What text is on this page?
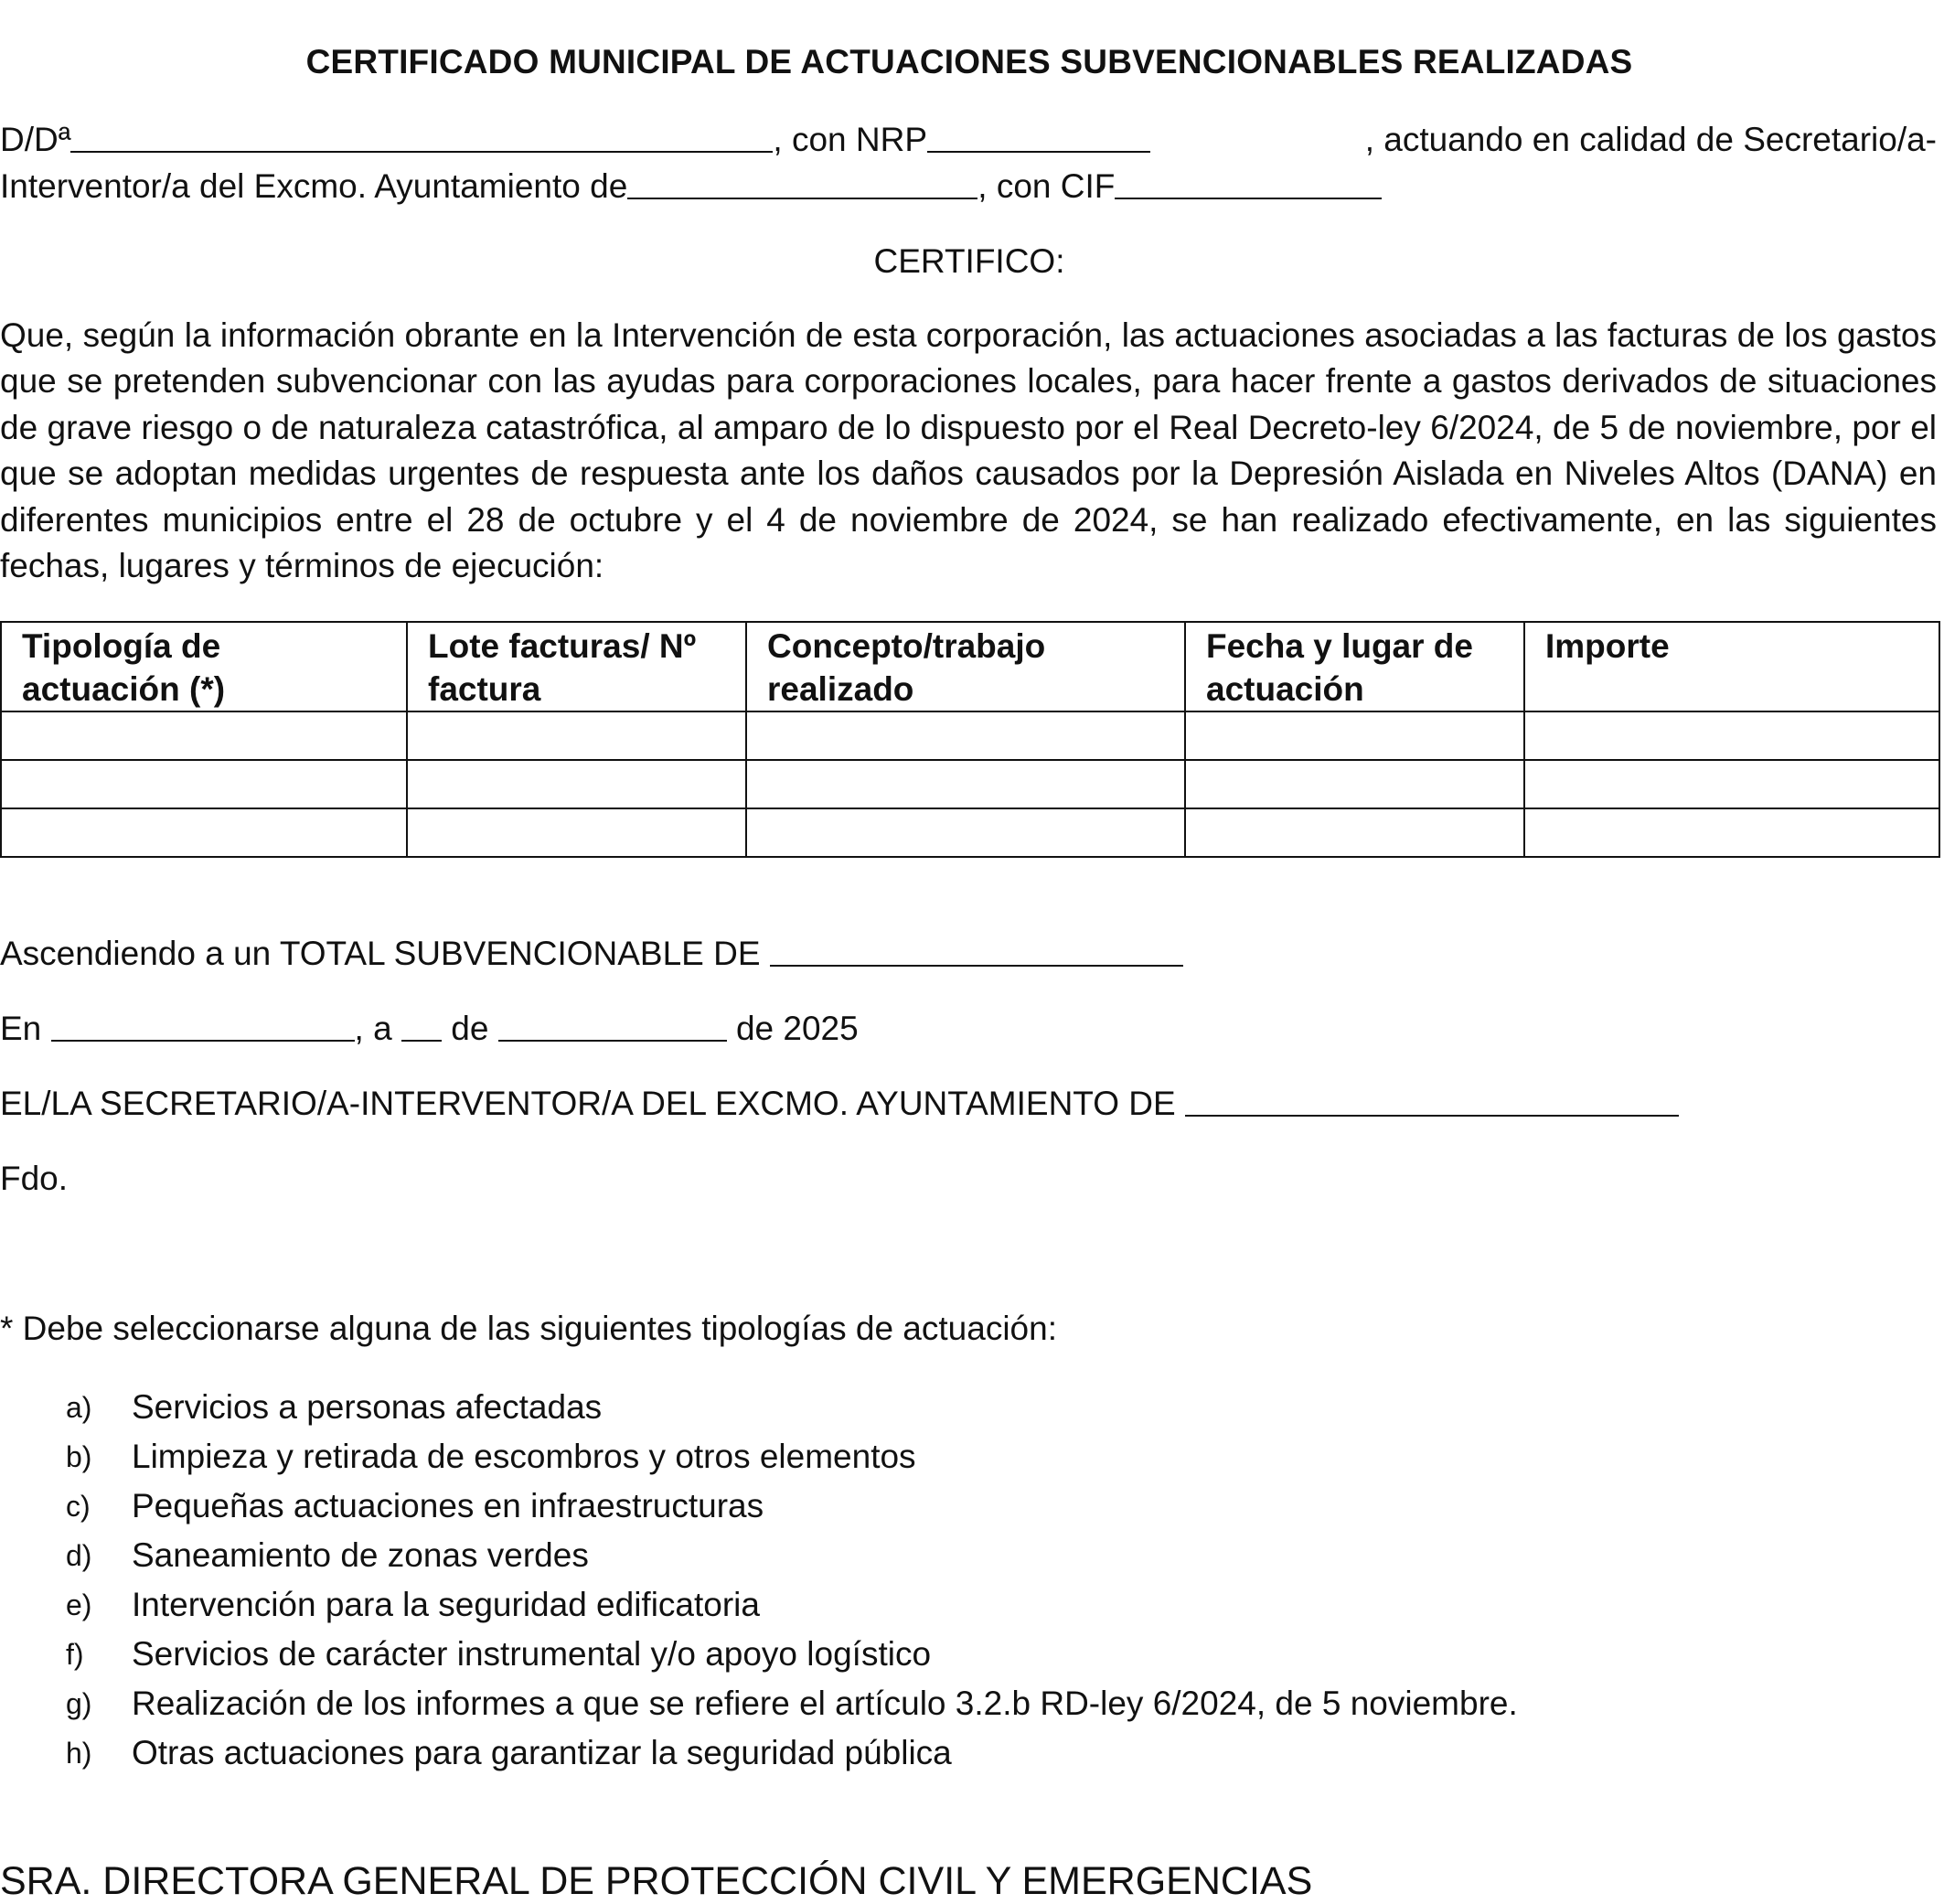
CERTIFICADO MUNICIPAL DE ACTUACIONES SUBVENCIONABLES REALIZADAS
D/Dª	, con NRP	, actuando en calidad de Secretario/a-
Interventor/a del Excmo. Ayuntamiento de	, con CIF
CERTIFICO:
Que, según la información obrante en la Intervención de esta corporación, las actuaciones asociadas a las facturas de los gastos que se pretenden subvencionar con las ayudas para corporaciones locales, para hacer frente a gastos derivados de situaciones de grave riesgo o de naturaleza catastrófica, al amparo de lo dispuesto por el Real Decreto-ley 6/2024, de 5 de noviembre, por el que se adoptan medidas urgentes de respuesta ante los daños causados por la Depresión Aislada en Niveles Altos (DANA) en diferentes municipios entre el 28 de octubre y el 4 de noviembre de 2024, se han realizado efectivamente, en las siguientes fechas, lugares y términos de ejecución:
Tipología de actuación (*)	Lote facturas/ Nº factura	Concepto/trabajo realizado	Fecha y lugar de actuación	Importe

Ascendiendo a un TOTAL SUBVENCIONABLE DE
En	, a de	de 2025
EL/LA SECRETARIO/A-INTERVENTOR/A DEL EXCMO. AYUNTAMIENTO DE
Fdo.
* Debe seleccionarse alguna de las siguientes tipologías de actuación:
a) Servicios a personas afectadas
b) Limpieza y retirada de escombros y otros elementos
c) Pequeñas actuaciones en infraestructuras
d) Saneamiento de zonas verdes
e) Intervención para la seguridad edificatoria
f) Servicios de carácter instrumental y/o apoyo logístico
g) Realización de los informes a que se refiere el artículo 3.2.b RD-ley 6/2024, de 5 noviembre.
h) Otras actuaciones para garantizar la seguridad pública
SRA. DIRECTORA GENERAL DE PROTECCIÓN CIVIL Y EMERGENCIAS
